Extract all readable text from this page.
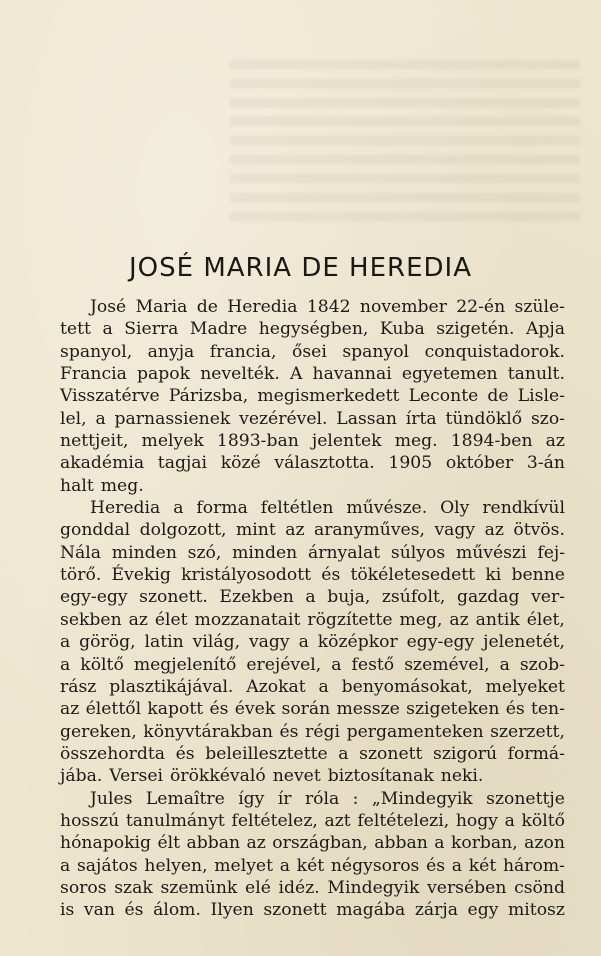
JOSÉ MARIA DE HEREDIA
José Maria de Heredia 1842 november 22-én szüle-
tett a Sierra Madre hegységben, Kuba szigetén. Apja
spanyol, anyja francia, ősei spanyol conquistadorok.
Francia papok nevelték. A havannai egyetemen tanult.
Visszatérve Párizsba, megismerkedett Leconte de Lisle-
lel, a parnassienek vezérével. Lassan írta tündöklő szo-
nettjeit, melyek 1893-ban jelentek meg. 1894-ben az
akadémia tagjai közé választotta. 1905 október 3-án
halt meg.
Heredia a forma feltétlen művésze. Oly rendkívül
gonddal dolgozott, mint az aranyműves, vagy az ötvös.
Nála minden szó, minden árnyalat súlyos művészi fej-
törő. Évekig kristályosodott és tökéletesedett ki benne
egy-egy szonett. Ezekben a buja, zsúfolt, gazdag ver-
sekben az élet mozzanatait rögzítette meg, az antik élet,
a görög, latin világ, vagy a középkor egy-egy jelenetét,
a költő megjelenítő erejével, a festő szemével, a szob-
rász plasztikájával. Azokat a benyomásokat, melyeket
az élettől kapott és évek során messze szigeteken és ten-
gereken, könyvtárakban és régi pergamenteken szerzett,
összehordta és beleillesztette a szonett szigorú formá-
jába. Versei örökkévaló nevet biztosítanak neki.
Jules Lemaître így ír róla : „Mindegyik szonettje
hosszú tanulmányt feltételez, azt feltételezi, hogy a költő
hónapokig élt abban az országban, abban a korban, azon
a sajátos helyen, melyet a két négysoros és a két három-
soros szak szemünk elé idéz. Mindegyik versében csönd
is van és álom. Ilyen szonett magába zárja egy mitosz
